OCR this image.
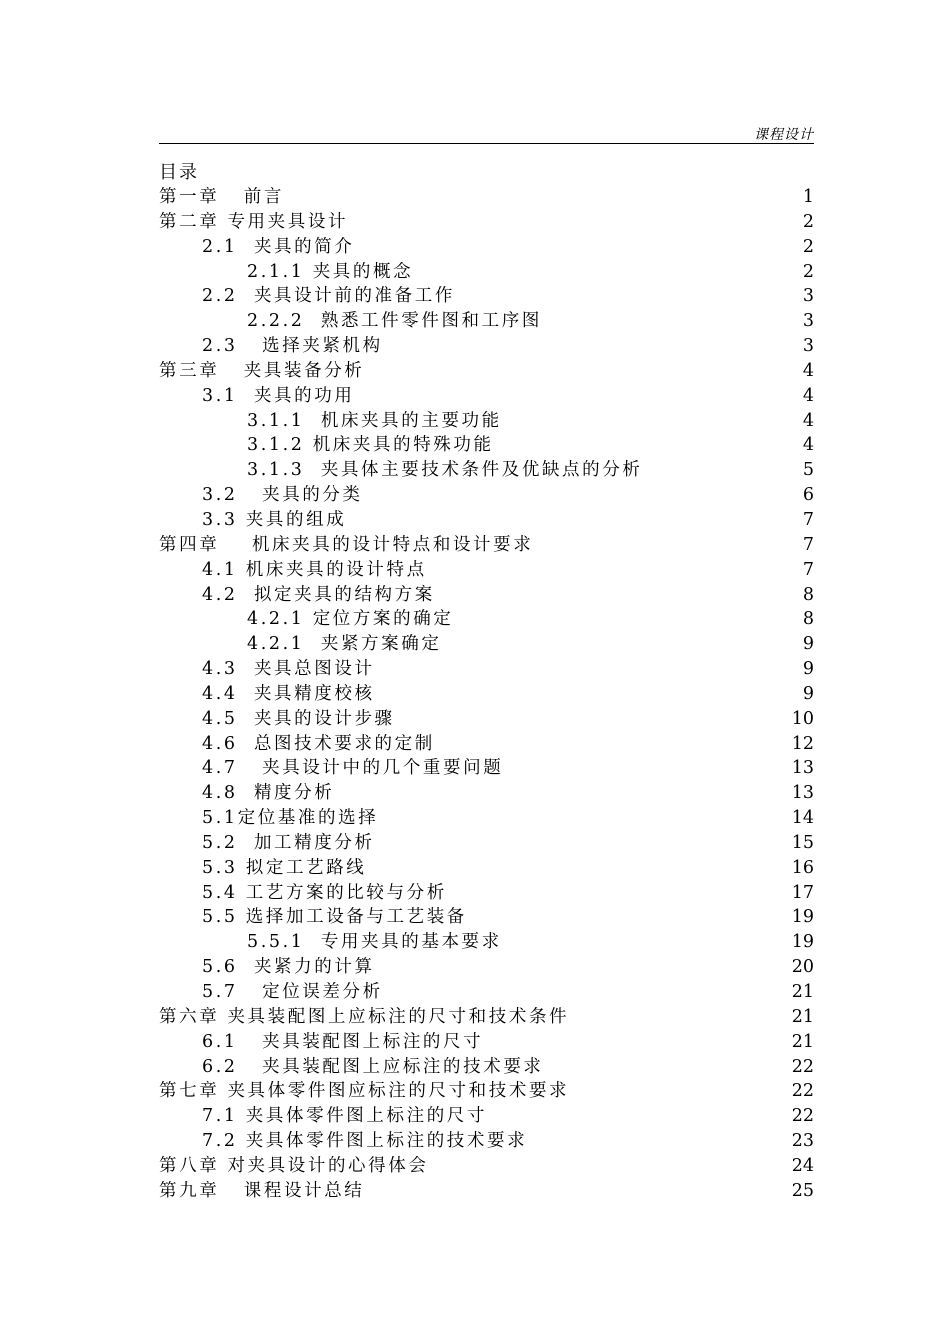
课程设计
目录
第一章   前言	1
第二章 专用夹具设计	2
2.1  夹具的简介	2
2.1.1 夹具的概念	2
2.2  夹具设计前的准备工作	3
2.2.2  熟悉工件零件图和工序图	3
2.3   选择夹紧机构	3
第三章   夹具装备分析	4
3.1  夹具的功用	4
3.1.1  机床夹具的主要功能	4
3.1.2 机床夹具的特殊功能	4
3.1.3  夹具体主要技术条件及优缺点的分析	5
3.2   夹具的分类	6
3.3 夹具的组成	7
第四章    机床夹具的设计特点和设计要求	7
4.1 机床夹具的设计特点	7
4.2  拟定夹具的结构方案	8
4.2.1 定位方案的确定	8
4.2.1  夹紧方案确定	9
4.3  夹具总图设计	9
4.4  夹具精度校核	9
4.5  夹具的设计步骤	10
4.6  总图技术要求的定制	12
4.7   夹具设计中的几个重要问题	13
4.8  精度分析	13
5.1定位基准的选择	14
5.2  加工精度分析	15
5.3 拟定工艺路线	16
5.4 工艺方案的比较与分析	17
5.5 选择加工设备与工艺装备	19
5.5.1  专用夹具的基本要求	19
5.6  夹紧力的计算	20
5.7   定位误差分析	21
第六章 夹具装配图上应标注的尺寸和技术条件	21
6.1   夹具装配图上标注的尺寸	21
6.2   夹具装配图上应标注的技术要求	22
第七章 夹具体零件图应标注的尺寸和技术要求	22
7.1 夹具体零件图上标注的尺寸	22
7.2 夹具体零件图上标注的技术要求	23
第八章 对夹具设计的心得体会	24
第九章   课程设计总结	25
